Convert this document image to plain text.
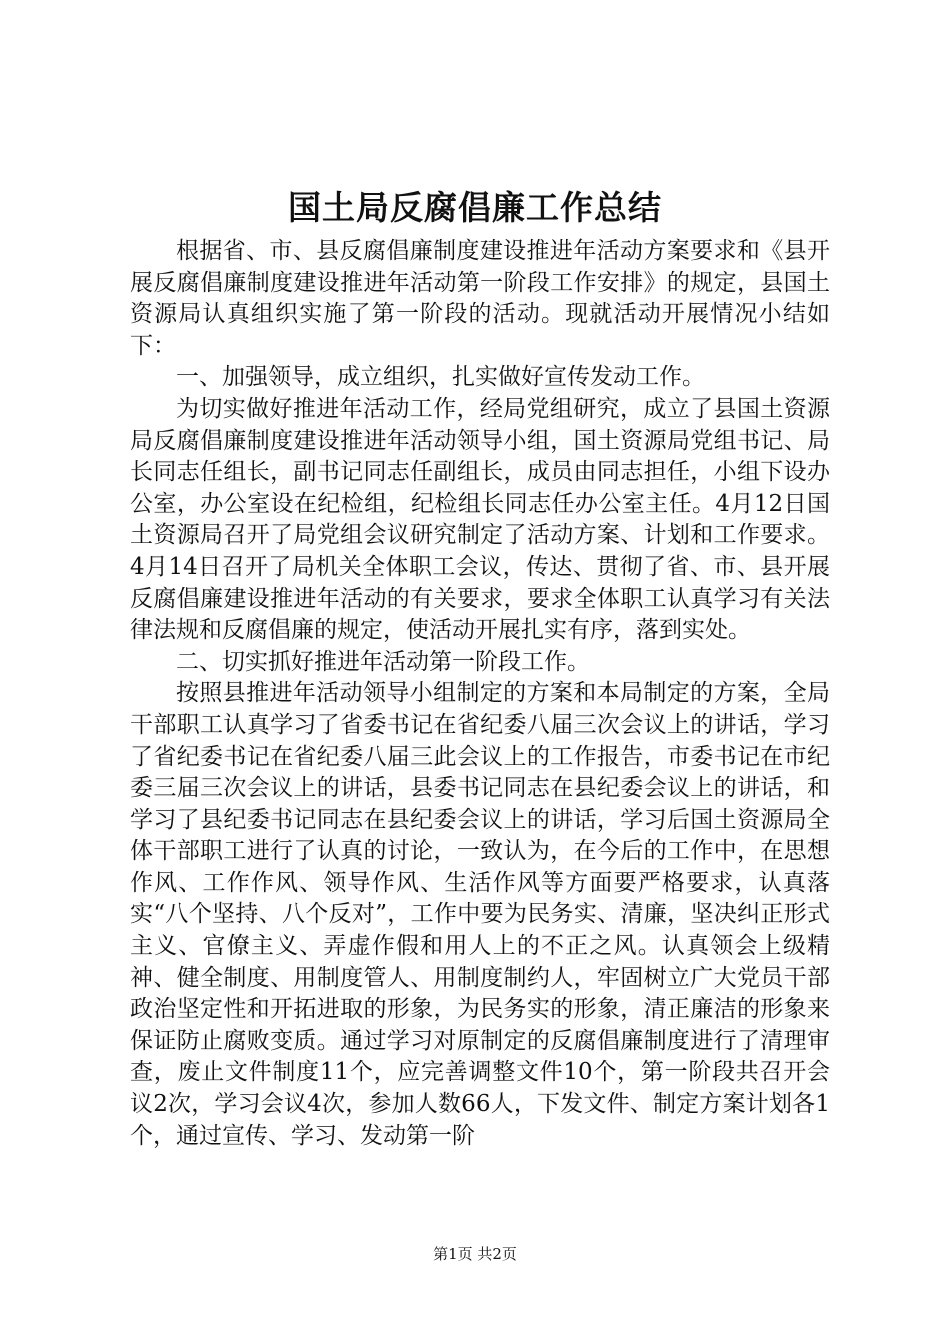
国土局反腐倡廉工作总结

根据省、市、县反腐倡廉制度建设推进年活动方案要求和《县开展反腐倡廉制度建设推进年活动第一阶段工作安排》的规定，县国土资源局认真组织实施了第一阶段的活动。现就活动开展情况小结如下：

一、加强领导，成立组织，扎实做好宣传发动工作。

为切实做好推进年活动工作，经局党组研究，成立了县国土资源局反腐倡廉制度建设推进年活动领导小组，国土资源局党组书记、局长同志任组长，副书记同志任副组长，成员由同志担任，小组下设办公室，办公室设在纪检组，纪检组长同志任办公室主任。4月12日国土资源局召开了局党组会议研究制定了活动方案、计划和工作要求。4月14日召开了局机关全体职工会议，传达、贯彻了省、市、县开展反腐倡廉建设推进年活动的有关要求，要求全体职工认真学习有关法律法规和反腐倡廉的规定，使活动开展扎实有序，落到实处。

二、切实抓好推进年活动第一阶段工作。

按照县推进年活动领导小组制定的方案和本局制定的方案，全局干部职工认真学习了省委书记在省纪委八届三次会议上的讲话，学习了省纪委书记在省纪委八届三此会议上的工作报告，市委书记在市纪委三届三次会议上的讲话，县委书记同志在县纪委会议上的讲话，和学习了县纪委书记同志在县纪委会议上的讲话，学习后国土资源局全体干部职工进行了认真的讨论，一致认为，在今后的工作中，在思想作风、工作作风、领导作风、生活作风等方面要严格要求，认真落实“八个坚持、八个反对”，工作中要为民务实、清廉，坚决纠正形式主义、官僚主义、弄虚作假和用人上的不正之风。认真领会上级精神、健全制度、用制度管人、用制度制约人，牢固树立广大党员干部政治坚定性和开拓进取的形象，为民务实的形象，清正廉洁的形象来保证防止腐败变质。通过学习对原制定的反腐倡廉制度进行了清理审查，废止文件制度11个，应完善调整文件10个，第一阶段共召开会议2次，学习会议4次，参加人数66人，下发文件、制定方案计划各1个，通过宣传、学习、发动第一阶

第1页 共2页
